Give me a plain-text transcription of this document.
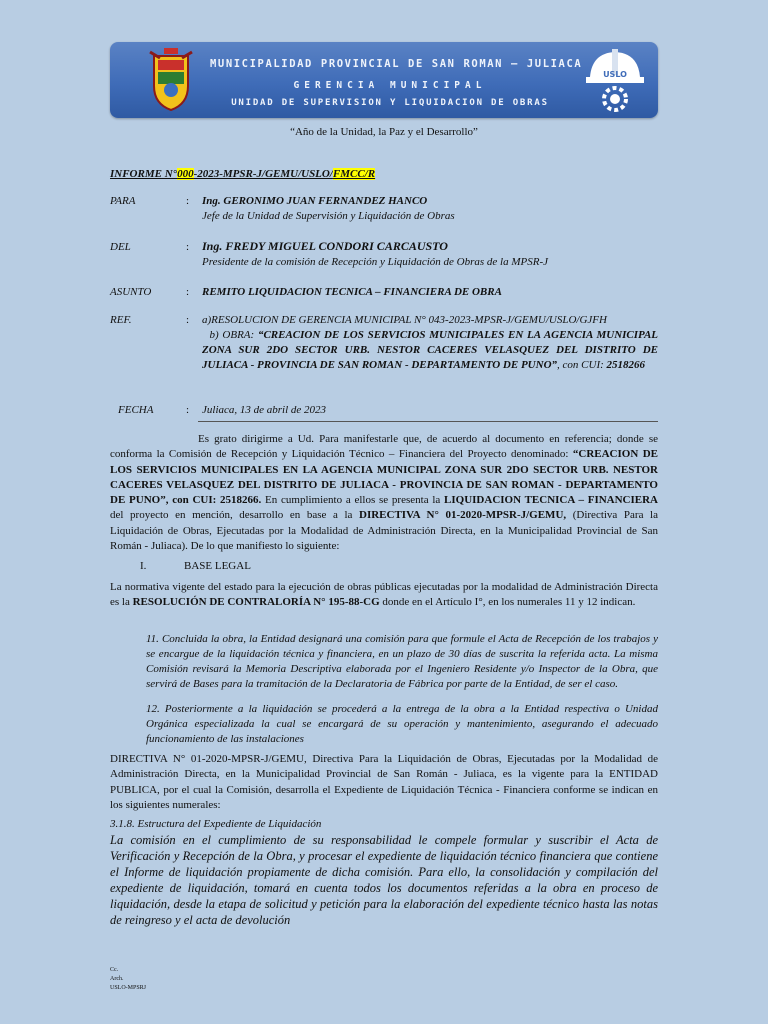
MUNICIPALIDAD PROVINCIAL DE SAN ROMAN – JULIACA
GERENCIA MUNICIPAL
UNIDAD DE SUPERVISION Y LIQUIDACION DE OBRAS
USLO
“Año de la Unidad, la Paz y el Desarrollo”
INFORME N°000-2023-MPSR-J/GEMU/USLO/FMCC/R
PARA	: Ing. GERONIMO JUAN FERNANDEZ HANCO
Jefe de la Unidad de Supervisión y Liquidación de Obras
DEL	: Ing. FREDY MIGUEL CONDORI CARCAUSTO
Presidente de la comisión de Recepción y Liquidación de Obras de la MPSR-J
ASUNTO	: REMITO LIQUIDACION TECNICA – FINANCIERA DE OBRA
REF.	: a)RESOLUCION DE GERENCIA MUNICIPAL N° 043-2023-MPSR-J/GEMU/USLO/GJFH
b) OBRA: “CREACION DE LOS SERVICIOS MUNICIPALES EN LA AGENCIA MUNICIPAL ZONA SUR 2DO SECTOR URB. NESTOR CACERES VELASQUEZ DEL DISTRITO DE JULIACA - PROVINCIA DE SAN ROMAN - DEPARTAMENTO DE PUNO”, con CUI: 2518266
FECHA	: Juliaca, 13 de abril de 2023
Es grato dirigirme a Ud. Para manifestarle que, de acuerdo al documento en referencia; donde se conforma la Comisión de Recepción y Liquidación Técnico – Financiera del Proyecto denominado: “CREACION DE LOS SERVICIOS MUNICIPALES EN LA AGENCIA MUNICIPAL ZONA SUR 2DO SECTOR URB. NESTOR CACERES VELASQUEZ DEL DISTRITO DE JULIACA - PROVINCIA DE SAN ROMAN - DEPARTAMENTO DE PUNO”, con CUI: 2518266. En cumplimiento a ellos se presenta la LIQUIDACION TECNICA – FINANCIERA del proyecto en mención, desarrollo en base a la DIRECTIVA N° 01-2020-MPSR-J/GEMU, (Directiva Para la Liquidación de Obras, Ejecutadas por la Modalidad de Administración Directa, en la Municipalidad Provincial de San Román - Juliaca). De lo que manifiesto lo siguiente:
I.	BASE LEGAL
La normativa vigente del estado para la ejecución de obras públicas ejecutadas por la modalidad de Administración Directa es la RESOLUCIÓN DE CONTRALORÍA N° 195-88-CG donde en el Artículo I°, en los numerales 11 y 12 indican.
11. Concluida la obra, la Entidad designará una comisión para que formule el Acta de Recepción de los trabajos y se encargue de la liquidación técnica y financiera, en un plazo de 30 días de suscrita la referida acta. La misma Comisión revisará la Memoria Descriptiva elaborada por el Ingeniero Residente y/o Inspector de la Obra, que servirá de Bases para la tramitación de la Declaratoria de Fábrica por parte de la Entidad, de ser el caso.
12. Posteriormente a la liquidación se procederá a la entrega de la obra a la Entidad respectiva o Unidad Orgánica especializada la cual se encargará de su operación y mantenimiento, asegurando el adecuado funcionamiento de las instalaciones
DIRECTIVA N° 01-2020-MPSR-J/GEMU, Directiva Para la Liquidación de Obras, Ejecutadas por la Modalidad de Administración Directa, en la Municipalidad Provincial de San Román - Juliaca, es la vigente para la ENTIDAD PUBLICA, por el cual la Comisión, desarrolla el Expediente de Liquidación Técnica - Financiera conforme se indican en los siguientes numerales:
3.1.8. Estructura del Expediente de Liquidación
La comisión en el cumplimiento de su responsabilidad le compele formular y suscribir el Acta de Verificación y Recepción de la Obra, y procesar el expediente de liquidación técnico financiera que contiene el Informe de liquidación propiamente de dicha comisión. Para ello, la consolidación y compilación del expediente de liquidación, tomará en cuenta todos los documentos referidas a la obra en proceso de liquidación, desde la etapa de solicitud y petición para la elaboración del expediente técnico hasta las notas de reingreso y el acta de devolución
Cc.
Arch.
USLO-MPSRJ
